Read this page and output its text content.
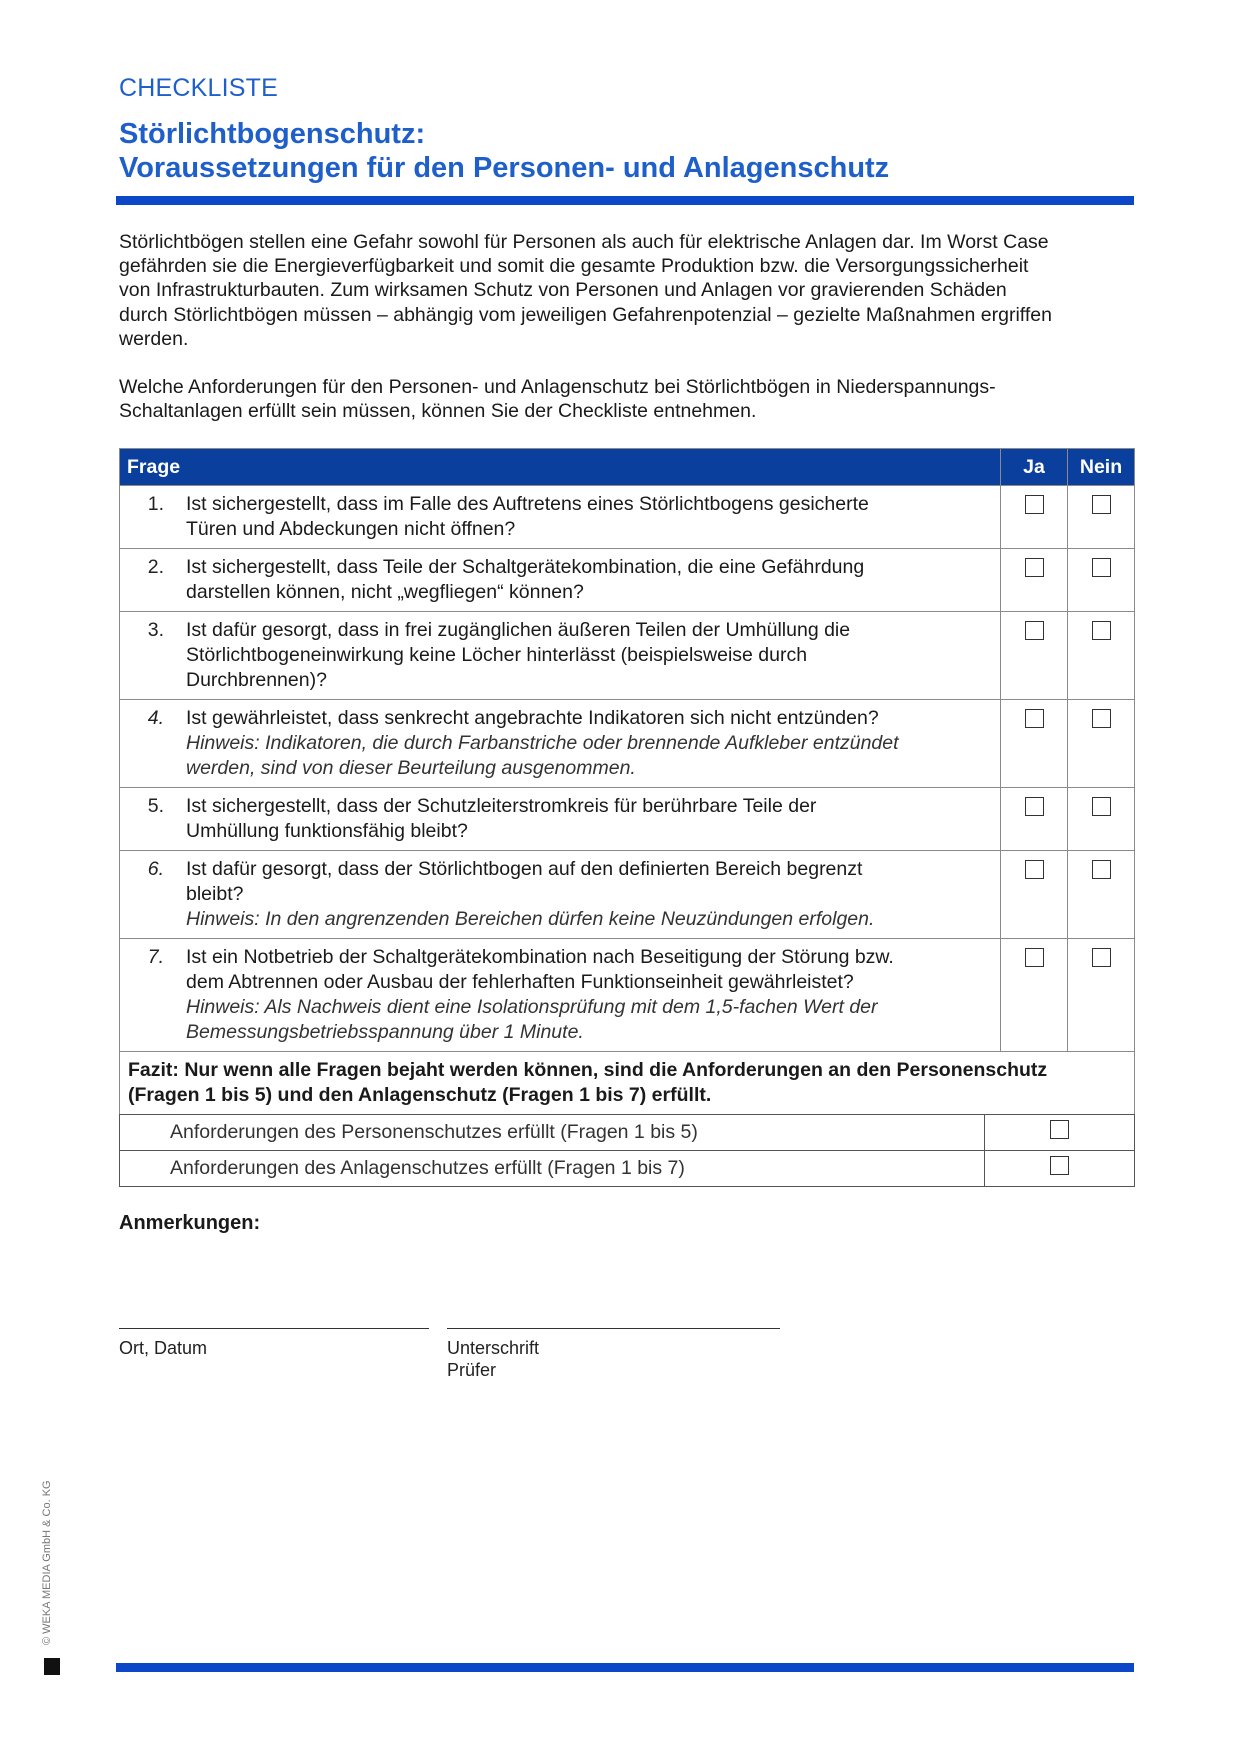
CHECKLISTE
Störlichtbogenschutz:
Voraussetzungen für den Personen- und Anlagenschutz
Störlichtbögen stellen eine Gefahr sowohl für Personen als auch für elektrische Anlagen dar. Im Worst Case
gefährden sie die Energieverfügbarkeit und somit die gesamte Produktion bzw. die Versorgungssicherheit
von Infrastrukturbauten. Zum wirksamen Schutz von Personen und Anlagen vor gravierenden Schäden
durch Störlichtbögen müssen – abhängig vom jeweiligen Gefahrenpotenzial – gezielte Maßnahmen ergriffen
werden.
Welche Anforderungen für den Personen- und Anlagenschutz bei Störlichtbögen in Niederspannungs-
Schaltanlagen erfüllt sein müssen, können Sie der Checkliste entnehmen.
Frage	Ja	Nein

1. Ist sichergestellt, dass im Falle des Auftretens eines Störlichtbogens gesicherte
Türen und Abdeckungen nicht öffnen?		

2. Ist sichergestellt, dass Teile der Schaltgerätekombination, die eine Gefährdung
darstellen können, nicht „wegfliegen“ können?		

3. Ist dafür gesorgt, dass in frei zugänglichen äußeren Teilen der Umhüllung die
Störlichtbogeneinwirkung keine Löcher hinterlässt (beispielsweise durch
Durchbrennen)?		

4. Ist gewährleistet, dass senkrecht angebrachte Indikatoren sich nicht entzünden?
Hinweis: Indikatoren, die durch Farbanstriche oder brennende Aufkleber entzündet
werden, sind von dieser Beurteilung ausgenommen.		

5. Ist sichergestellt, dass der Schutzleiterstromkreis für berührbare Teile der
Umhüllung funktionsfähig bleibt?		

6. Ist dafür gesorgt, dass der Störlichtbogen auf den definierten Bereich begrenzt
bleibt?
Hinweis: In den angrenzenden Bereichen dürfen keine Neuzündungen erfolgen.		

7. Ist ein Notbetrieb der Schaltgerätekombination nach Beseitigung der Störung bzw.
dem Abtrennen oder Ausbau der fehlerhaften Funktionseinheit gewährleistet?
Hinweis: Als Nachweis dient eine Isolationsprüfung mit dem 1,5-fachen Wert der
Bemessungsbetriebsspannung über 1 Minute.		

Fazit: Nur wenn alle Fragen bejaht werden können, sind die Anforderungen an den Personenschutz
(Fragen 1 bis 5) und den Anlagenschutz (Fragen 1 bis 7) erfüllt.		
Anforderungen des Personenschutzes erfüllt (Fragen 1 bis 5)	
Anforderungen des Anlagenschutzes erfüllt (Fragen 1 bis 7)	
Anmerkungen:
Ort, Datum	Unterschrift
Prüfer
© WEKA MEDIA GmbH & Co. KG
